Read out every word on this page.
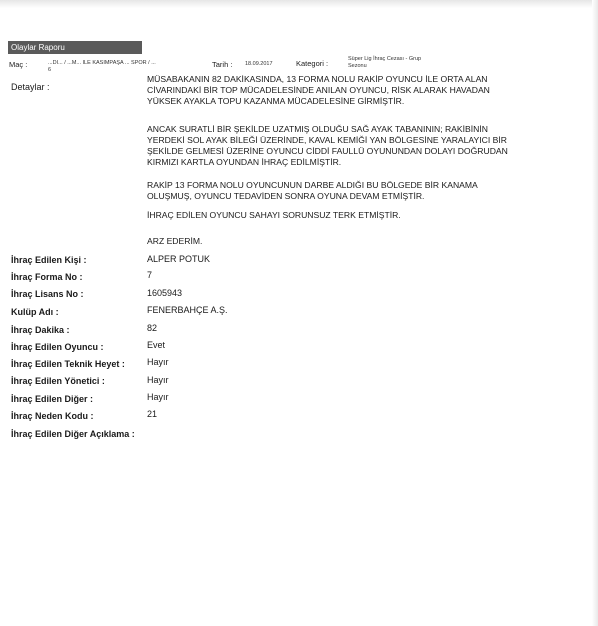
Olaylar Raporu
Maç :	...DI... / ...M... ILE KASIMPAŞA ... SPOR / ...
6
Tarih : 18.09.2017	Kategori :	Süper Lig İhraç Cezası - Grup
Sezonu
Detaylar :
MÜSABAKANIN 82 DAKİKASINDA, 13 FORMA NOLU RAKİP OYUNCU İLE ORTA ALAN
CİVARINDAKİ BİR TOP MÜCADELESİNDE ANILAN OYUNCU, RİSK ALARAK HAVADAN
YÜKSEK AYAKLA TOPU KAZANMA MÜCADELESİNE GİRMİŞTİR.
ANCAK SURATLİ BİR ŞEKİLDE UZATMIŞ OLDUĞU SAĞ AYAK TABANININ; RAKİBİNİN
YERDEKİ SOL AYAK BİLEĞİ ÜZERİNDE, KAVAL KEMİĞİ YAN BÖLGESİNE YARALAYICI BİR
ŞEKİLDE GELMESİ ÜZERİNE OYUNCU CİDDİ FAULLÜ OYUNUNDAN DOLAYI DOĞRUDAN
KIRMIZI KARTLA OYUNDAN İHRAÇ EDİLMİŞTİR.
RAKİP 13 FORMA NOLU OYUNCUNUN DARBE ALDIĞI BU BÖLGEDE BİR KANAMA
OLUŞMUŞ, OYUNCU TEDAVİDEN SONRA OYUNA DEVAM ETMİŞTİR.
İHRAÇ EDİLEN OYUNCU SAHAYI SORUNSUZ TERK ETMİŞTİR.
ARZ EDERİM.
İhraç Edilen Kişi :	ALPER POTUK
İhraç Forma No :	7
İhraç Lisans No :	1605943
Kulüp Adı :	FENERBAHÇE A.Ş.
İhraç Dakika :	82
İhraç Edilen Oyuncu :	Evet
İhraç Edilen Teknik Heyet : Hayır
İhraç Edilen Yönetici :	Hayır
İhraç Edilen Diğer :	Hayır
İhraç Neden Kodu :	21
İhraç Edilen Diğer Açıklama :
